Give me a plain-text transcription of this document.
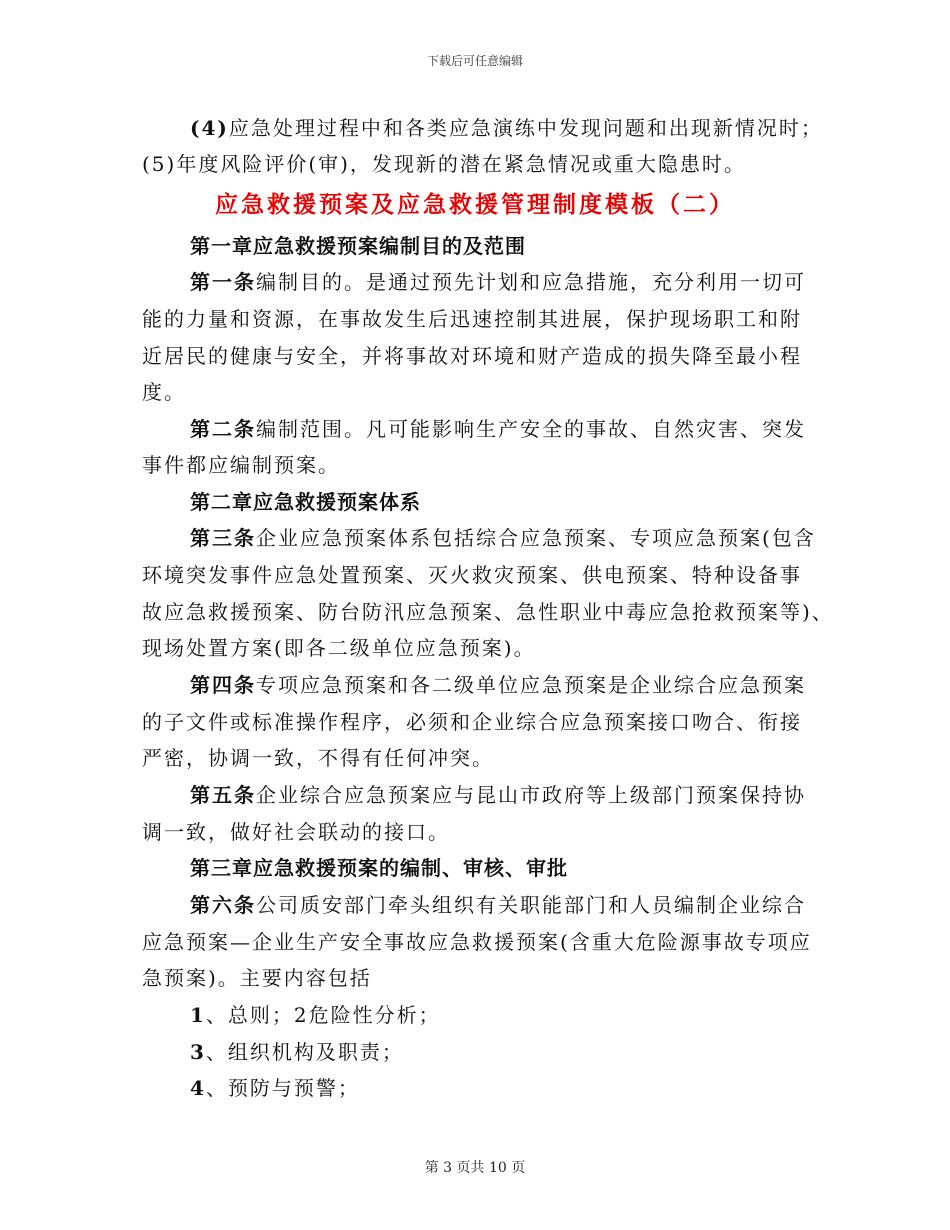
下载后可任意编辑
(4)应急处理过程中和各类应急演练中发现问题和出现新情况时；
(5)年度风险评价(审)，发现新的潜在紧急情况或重大隐患时。
应急救援预案及应急救援管理制度模板（二）
第一章应急救援预案编制目的及范围
第一条编制目的。是通过预先计划和应急措施，充分利用一切可
能的力量和资源，在事故发生后迅速控制其进展，保护现场职工和附
近居民的健康与安全，并将事故对环境和财产造成的损失降至最小程
度。
第二条编制范围。凡可能影响生产安全的事故、自然灾害、突发
事件都应编制预案。
第二章应急救援预案体系
第三条企业应急预案体系包括综合应急预案、专项应急预案(包含
环境突发事件应急处置预案、灭火救灾预案、供电预案、特种设备事
故应急救援预案、防台防汛应急预案、急性职业中毒应急抢救预案等)、
现场处置方案(即各二级单位应急预案)。
第四条专项应急预案和各二级单位应急预案是企业综合应急预案
的子文件或标准操作程序，必须和企业综合应急预案接口吻合、衔接
严密，协调一致，不得有任何冲突。
第五条企业综合应急预案应与昆山市政府等上级部门预案保持协
调一致，做好社会联动的接口。
第三章应急救援预案的编制、审核、审批
第六条公司质安部门牵头组织有关职能部门和人员编制企业综合
应急预案—企业生产安全事故应急救援预案(含重大危险源事故专项应
急预案)。主要内容包括
1、总则；2危险性分析；
3、组织机构及职责；
4、预防与预警；
第 3 页共 10 页
